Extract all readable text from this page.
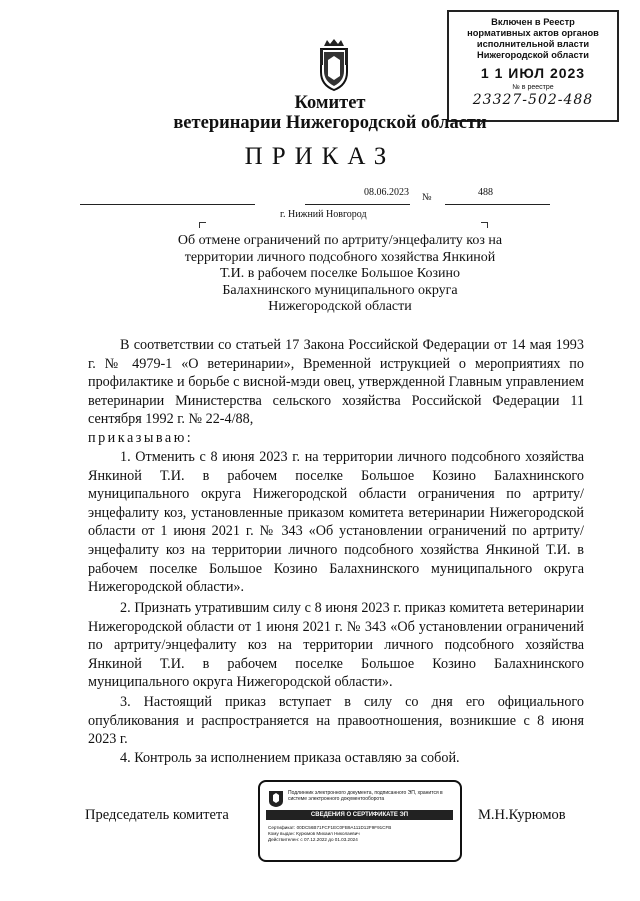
Включен в Реестр
нормативных актов органов
исполнительной власти
Нижегородской области
1 1 ИЮЛ 2023
№ в реестре
23327-502-488
Комитет
ветеринарии Нижегородской области
ПРИКАЗ
08.06.2023 №	488
г. Нижний Новгород
Об отмене ограничений по артриту/энцефалиту коз на территории личного подсобного хозяйства Янкиной Т.И. в рабочем поселке Большое Козино Балахнинского муниципального округа Нижегородской области
В соответствии со статьей 17 Закона Российской Федерации от 14 мая 1993 г. № 4979-1 «О ветеринарии», Временной иструкцией о мероприятиях по профилактике и борьбе с висной-мэди овец, утвержденной Главным управлением ветеринарии Министерства сельского хозяйства Российской Федерации 11 сентября 1992 г. № 22-4/88,
приказываю:
1. Отменить с 8 июня 2023 г. на территории личного подсобного хозяйства Янкиной Т.И. в рабочем поселке Большое Козино Балахнинского муниципального округа Нижегородской области ограничения по артриту/энцефалиту коз, установленные приказом комитета ветеринарии Нижегородской области от 1 июня 2021 г. № 343 «Об установлении ограничений по артриту/энцефалиту коз на территории личного подсобного хозяйства Янкиной Т.И. в рабочем поселке Большое Козино Балахнинского муниципального округа Нижегородской области».
2. Признать утратившим силу с 8 июня 2023 г. приказ комитета ветеринарии Нижегородской области от 1 июня 2021 г. № 343 «Об установлении ограничений по артриту/энцефалиту коз на территории личного подсобного хозяйства Янкиной Т.И. в рабочем поселке Большое Козино Балахнинского муниципального округа Нижегородской области».
3. Настоящий приказ вступает в силу со дня его официального опубликования и распространяется на правоотношения, возникшие с 8 июня 2023 г.
4. Контроль за исполнением приказа оставляю за собой.
Председатель комитета	М.Н.Курюмов
Подлинник электронного документа, подписанного ЭП, хранится в системе электронного документооборота
СВЕДЕНИЯ О СЕРТИФИКАТЕ ЭП
Сертификат: 00DC56B71FCF1EC0FB9A111D12F9F91CFB
Кому выдан: Курюмов Михаил Николаевич
Действителен: с 07.12.2022 до 01.03.2024
